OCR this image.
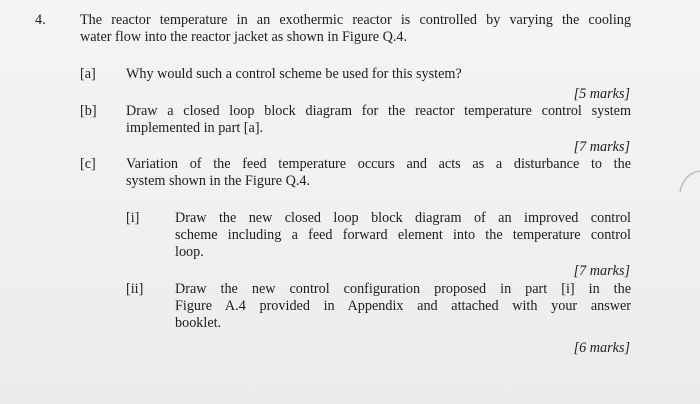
4. The reactor temperature in an exothermic reactor is controlled by varying the cooling
water flow into the reactor jacket as shown in Figure Q.4.
[a] Why would such a control scheme be used for this system?
[5 marks]
[b] Draw a closed loop block diagram for the reactor temperature control system
implemented in part [a].
[7 marks]
[c] Variation of the feed temperature occurs and acts as a disturbance to the
system shown in the Figure Q.4.
[i]	Draw the new closed loop block diagram of an improved control
scheme including a feed forward element into the temperature control
loop.
[7 marks]
[ii] Draw the new control configuration proposed in part [i] in the
Figure A.4 provided in Appendix and attached with your answer
booklet.
[6 marks]
